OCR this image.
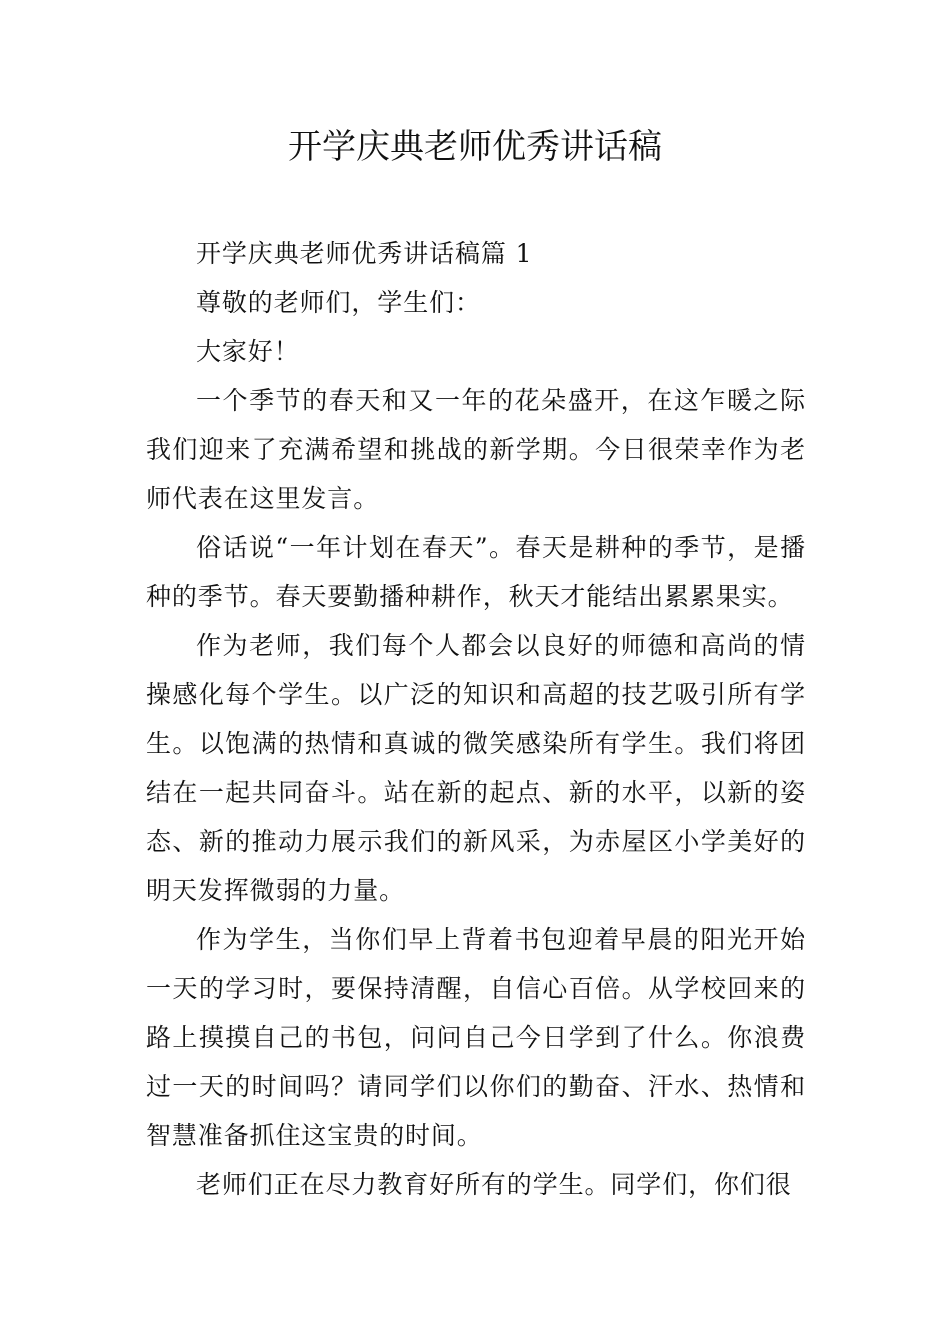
开学庆典老师优秀讲话稿

开学庆典老师优秀讲话稿篇 1

尊敬的老师们，学生们：

大家好！

一个季节的春天和又一年的花朵盛开，在这乍暖之际我们迎来了充满希望和挑战的新学期。今日很荣幸作为老师代表在这里发言。

俗话说“一年计划在春天”。春天是耕种的季节，是播种的季节。春天要勤播种耕作，秋天才能结出累累果实。

作为老师，我们每个人都会以良好的师德和高尚的情操感化每个学生。以广泛的知识和高超的技艺吸引所有学生。以饱满的热情和真诚的微笑感染所有学生。我们将团结在一起共同奋斗。站在新的起点、新的水平，以新的姿态、新的推动力展示我们的新风采，为赤屋区小学美好的明天发挥微弱的力量。

作为学生，当你们早上背着书包迎着早晨的阳光开始一天的学习时，要保持清醒，自信心百倍。从学校回来的路上摸摸自己的书包，问问自己今日学到了什么。你浪费过一天的时间吗？请同学们以你们的勤奋、汗水、热情和智慧准备抓住这宝贵的时间。

老师们正在尽力教育好所有的学生。同学们，你们很
